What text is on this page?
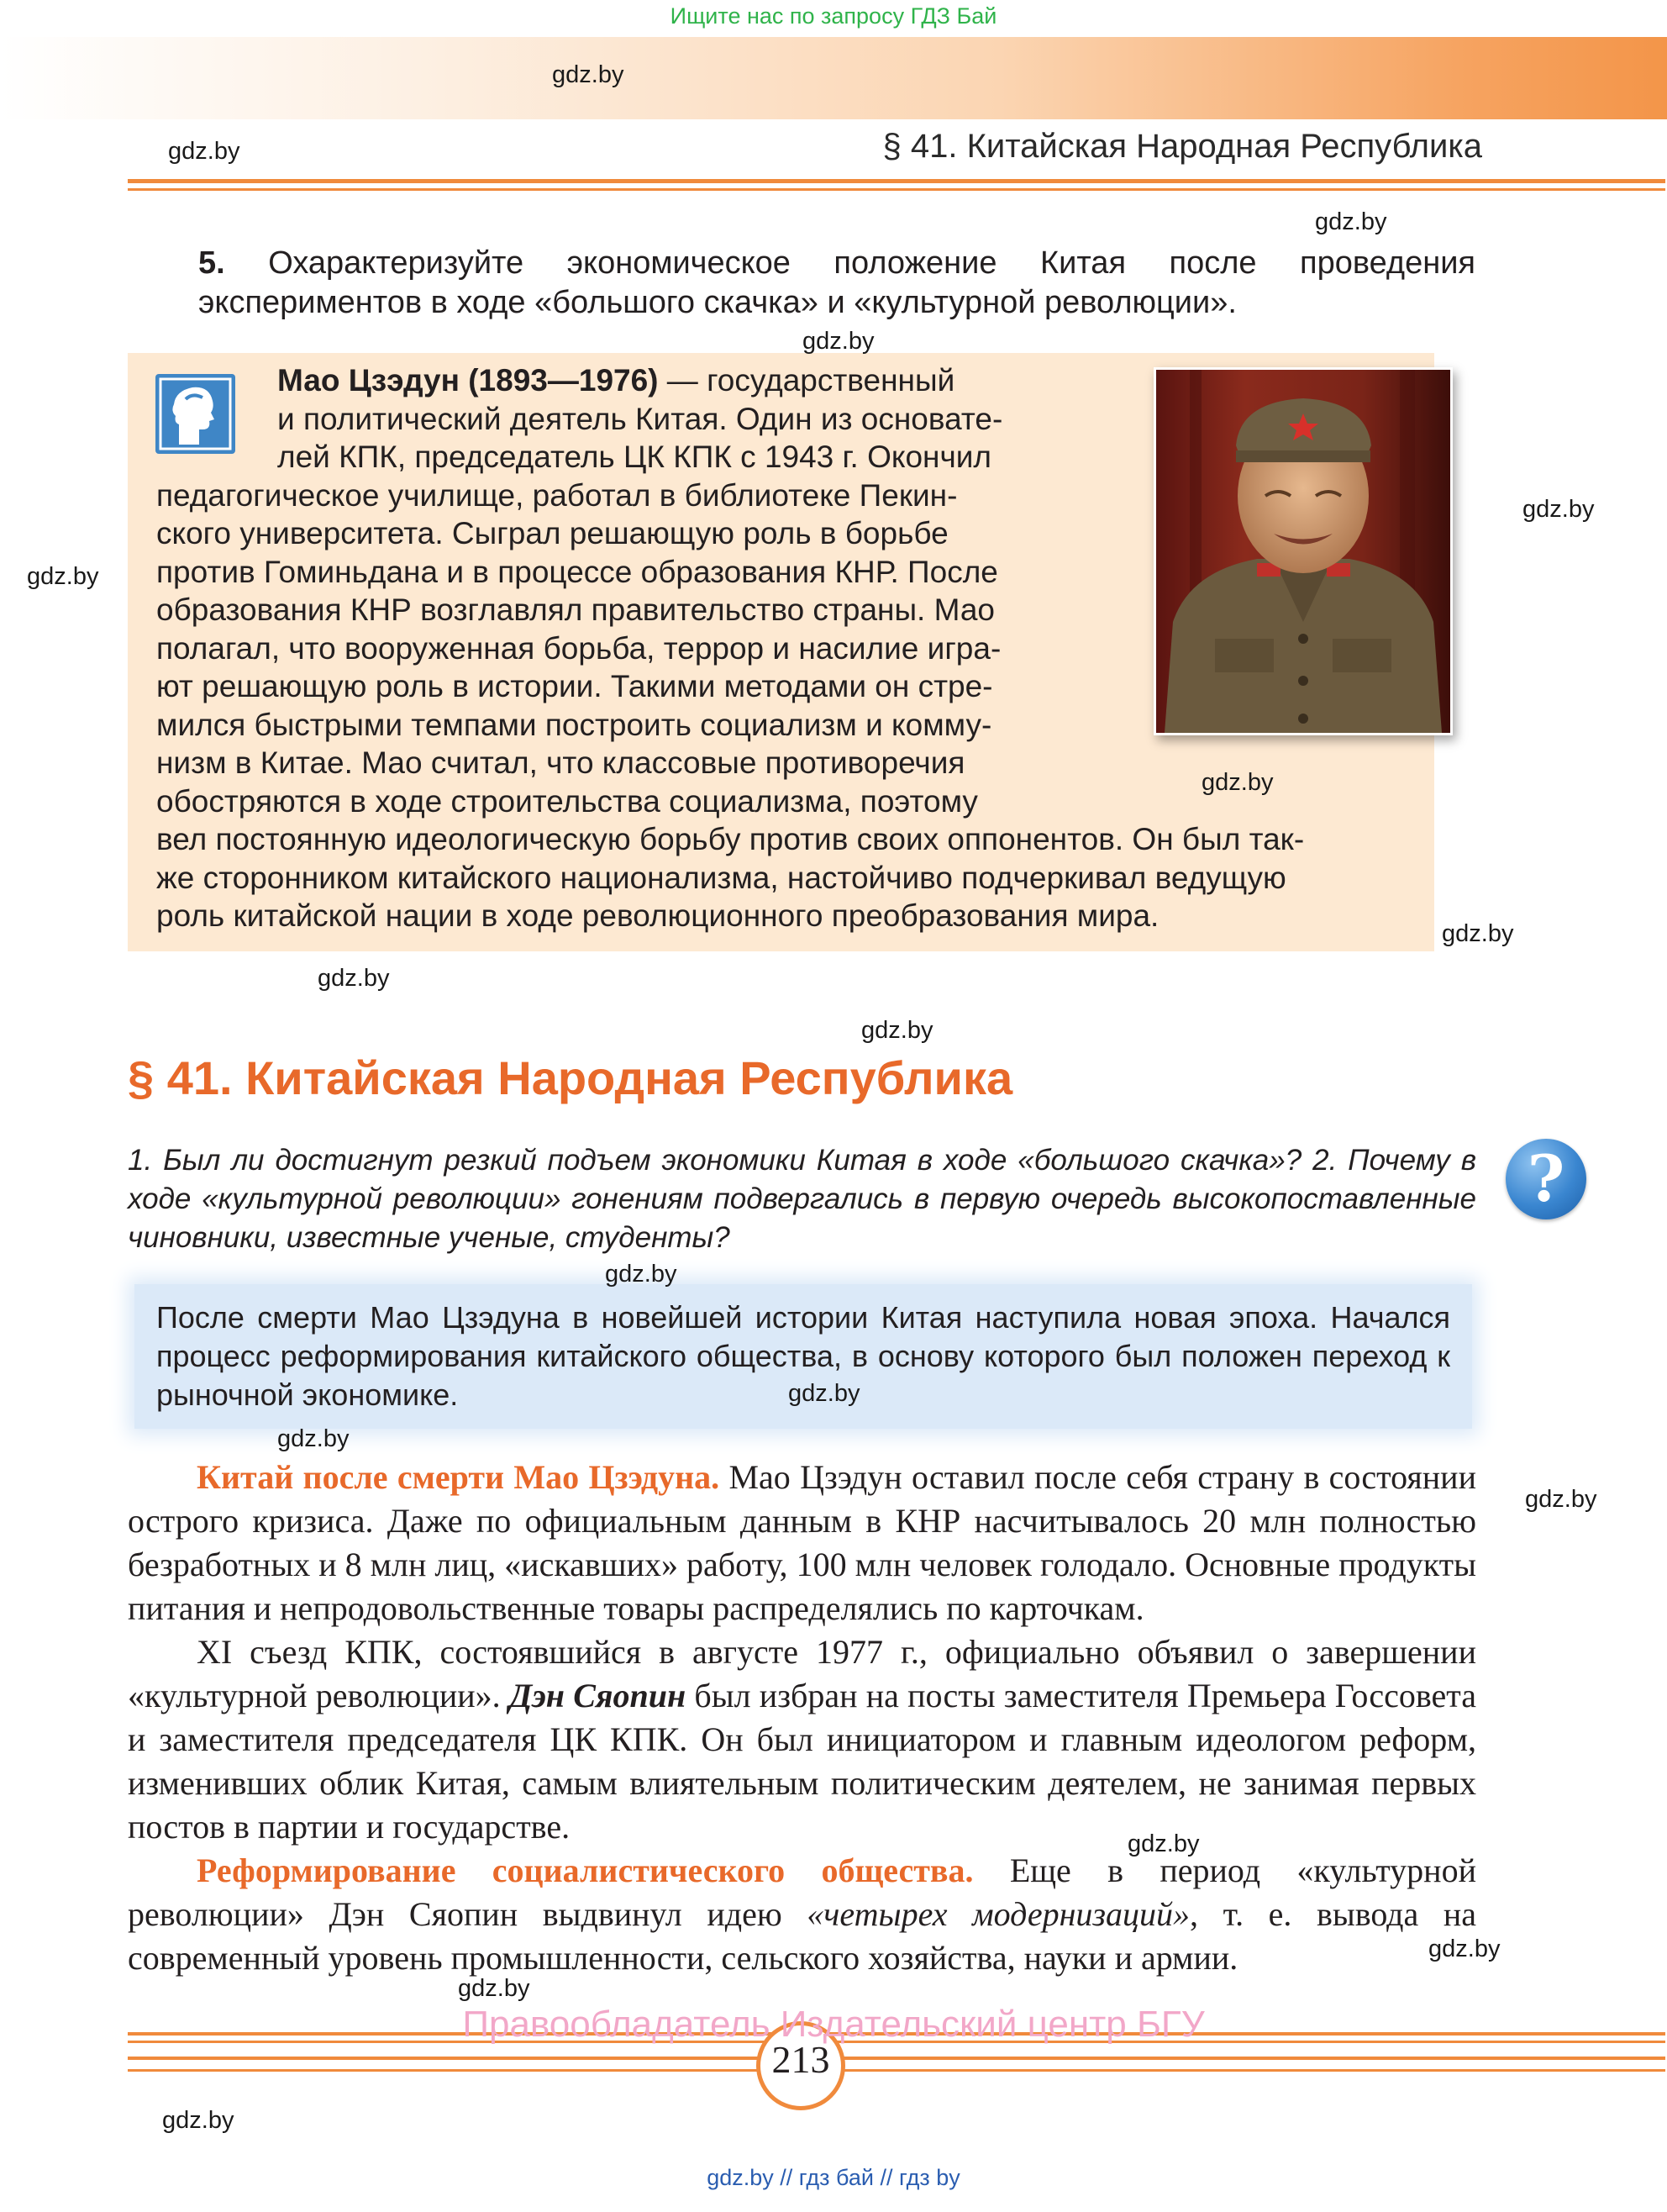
Ищите нас по запросу ГДЗ Бай
§ 41. Китайская Народная Республика
5. Охарактеризуйте экономическое положение Китая после проведения экспериментов в ходе «большого скачка» и «культурной революции».
Мао Цзэдун (1893—1976) — государственный
и политический деятель Китая. Один из основате-
лей КПК, председатель ЦК КПК с 1943 г. Окончил
педагогическое училище, работал в библиотеке Пекин-
ского университета. Сыграл решающую роль в борьбе
против Гоминьдана и в процессе образования КНР. После
образования КНР возглавлял правительство страны. Мао
полагал, что вооруженная борьба, террор и насилие игра-
ют решающую роль в истории. Такими методами он стре-
мился быстрыми темпами построить социализм и комму-
низм в Китае. Мао считал, что классовые противоречия
обостряются в ходе строительства социализма, поэтому
вел постоянную идеологическую борьбу против своих оппонентов. Он был так-
же сторонником китайского национализма, настойчиво подчеркивал ведущую
роль китайской нации в ходе революционного преобразования мира.
§ 41. Китайская Народная Республика
1. Был ли достигнут резкий подъем экономики Китая в ходе «большого скачка»? 2. Почему в ходе «культурной революции» гонениям подвергались в первую очередь высокопоставленные чиновники, известные ученые, студенты?
?
После смерти Мао Цзэдуна в новейшей истории Китая наступила новая эпоха. Начался процесс реформирования китайского общества, в основу которого был положен переход к рыночной экономике.

Китай после смерти Мао Цзэдуна. Мао Цзэдун оставил после себя страну в состоянии острого кризиса. Даже по официальным данным в КНР насчитывалось 20 млн полностью безработных и 8 млн лиц, «искавших» работу, 100 млн человек голодало. Основные продукты питания и непродовольственные товары распределялись по карточкам.

XI съезд КПК, состоявшийся в августе 1977 г., официально объявил о завершении «культурной революции». Дэн Сяопин был избран на посты заместителя Премьера Госсовета и заместителя председателя ЦК КПК. Он был инициатором и главным идеологом реформ, изменивших облик Китая, самым влиятельным политическим деятелем, не занимая первых постов в партии и государстве.

Реформирование социалистического общества. Еще в период «культурной революции» Дэн Сяопин выдвинул идею «четырех модернизаций», т. е. вывода на современный уровень промышленности, сельского хозяйства, науки и армии.

213
Правообладатель Издательский центр БГУ
gdz.by // гдз бай // гдз by
gdz.by
gdz.by
gdz.by
gdz.by
gdz.by
gdz.by
gdz.by
gdz.by
gdz.by
gdz.by
gdz.by
gdz.by
gdz.by
gdz.by
gdz.by
gdz.by
gdz.by
gdz.by
